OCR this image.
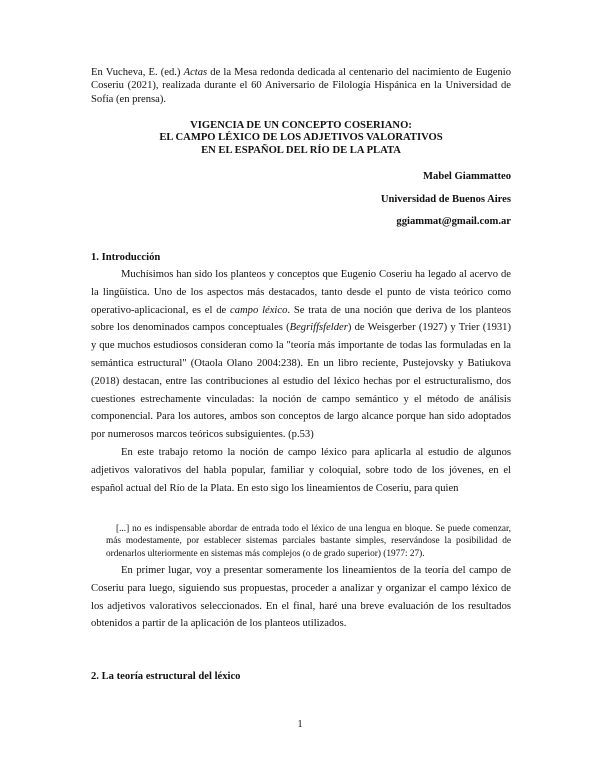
En Vucheva, E. (ed.) Actas de la Mesa redonda dedicada al centenario del nacimiento de Eugenio Coseriu (2021), realizada durante el 60 Aniversario de Filología Hispánica en la Universidad de Sofía (en prensa).
VIGENCIA DE UN CONCEPTO COSERIANO:
EL CAMPO LÉXICO DE LOS ADJETIVOS VALORATIVOS
EN EL ESPAÑOL DEL RÍO DE LA PLATA
Mabel Giammatteo
Universidad de Buenos Aires
ggiammat@gmail.com.ar
1. Introducción

Muchísimos han sido los planteos y conceptos que Eugenio Coseriu ha legado al acervo de la lingüística. Uno de los aspectos más destacados, tanto desde el punto de vista teórico como operativo-aplicacional, es el de campo léxico. Se trata de una noción que deriva de los planteos sobre los denominados campos conceptuales (Begriffsfelder) de Weisgerber (1927) y Trier (1931) y que muchos estudiosos consideran como la "teoría más importante de todas las formuladas en la semántica estructural" (Otaola Olano 2004:238). En un libro reciente, Pustejovsky y Batiukova (2018) destacan, entre las contribuciones al estudio del léxico hechas por el estructuralismo, dos cuestiones estrechamente vinculadas: la noción de campo semántico y el método de análisis componencial. Para los autores, ambos son conceptos de largo alcance porque han sido adoptados por numerosos marcos teóricos subsiguientes. (p.53)

En este trabajo retomo la noción de campo léxico para aplicarla al estudio de algunos adjetivos valorativos del habla popular, familiar y coloquial, sobre todo de los jóvenes, en el español actual del Río de la Plata. En esto sigo los lineamientos de Coseriu, para quien

[...] no es indispensable abordar de entrada todo el léxico de una lengua en bloque. Se puede comenzar, más modestamente, por establecer sistemas parciales bastante simples, reservándose la posibilidad de ordenarlos ulteriormente en sistemas más complejos (o de grado superior) (1977: 27).

En primer lugar, voy a presentar someramente los lineamientos de la teoría del campo de Coseriu para luego, siguiendo sus propuestas, proceder a analizar y organizar el campo léxico de los adjetivos valorativos seleccionados. En el final, haré una breve evaluación de los resultados obtenidos a partir de la aplicación de los planteos utilizados.

2. La teoría estructural del léxico
1
